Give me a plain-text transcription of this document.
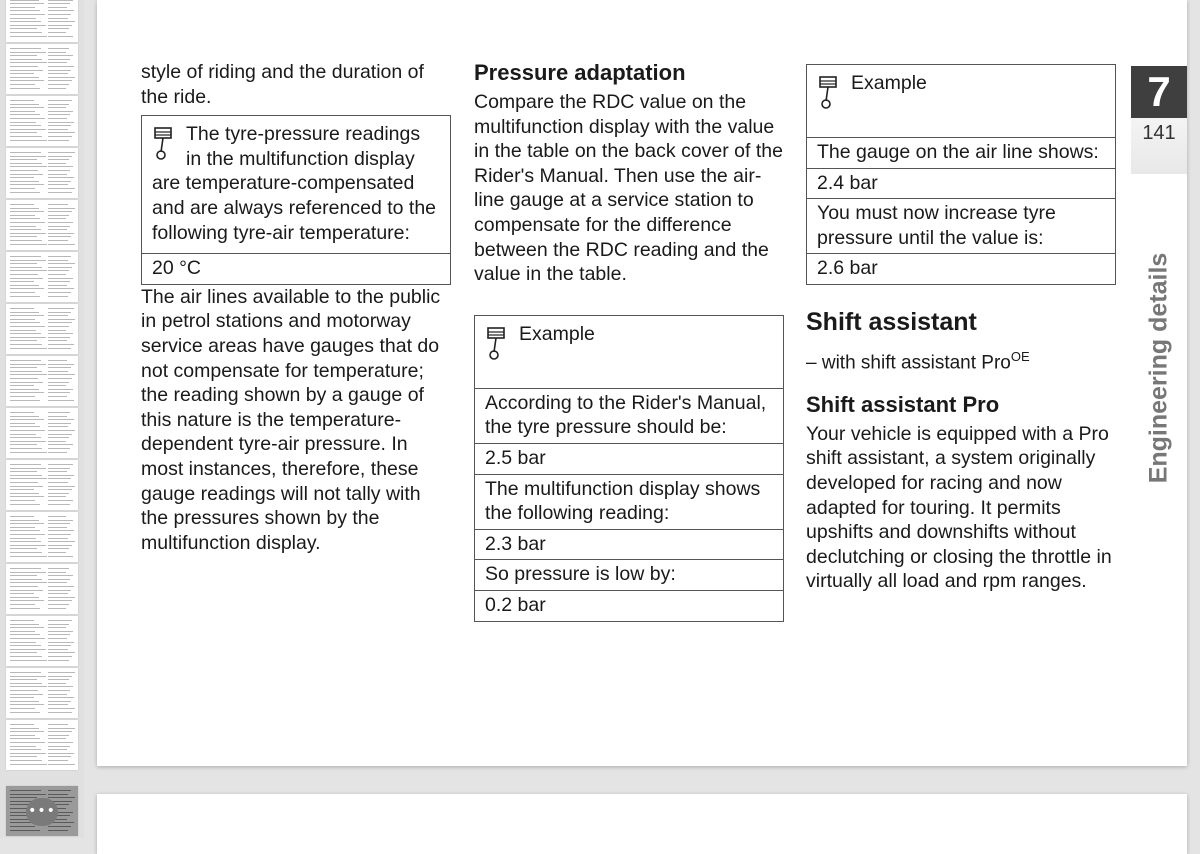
•••

style of riding and the duration of the ride.

The tyre-pressure readings in the multifunction display are temperature-compensated and are always referenced to the following tyre-air temperature:
20 °C

The air lines available to the public in petrol stations and motorway service areas have gauges that do not compensate for temperature; the reading shown by a gauge of this nature is the temperature-dependent tyre-air pressure. In most instances, therefore, these gauge readings will not tally with the pressures shown by the multifunction display.

Pressure adaptation

Compare the RDC value on the multifunction display with the value in the table on the back cover of the Rider's Manual. Then use the air-line gauge at a service station to compensate for the difference between the RDC reading and the value in the table.

Example
According to the Rider's Manual, the tyre pressure should be:
2.5 bar
The multifunction display shows the following reading:
2.3 bar
So pressure is low by:
0.2 bar
Example
The gauge on the air line shows:
2.4 bar
You must now increase tyre pressure until the value is:
2.6 bar
Shift assistant

– with shift assistant Pro$^{OE}$

Shift assistant Pro

Your vehicle is equipped with a Pro shift assistant, a system originally developed for racing and now adapted for touring. It permits upshifts and downshifts without declutching or closing the throttle in virtually all load and rpm ranges.

7
141
Engineering details
